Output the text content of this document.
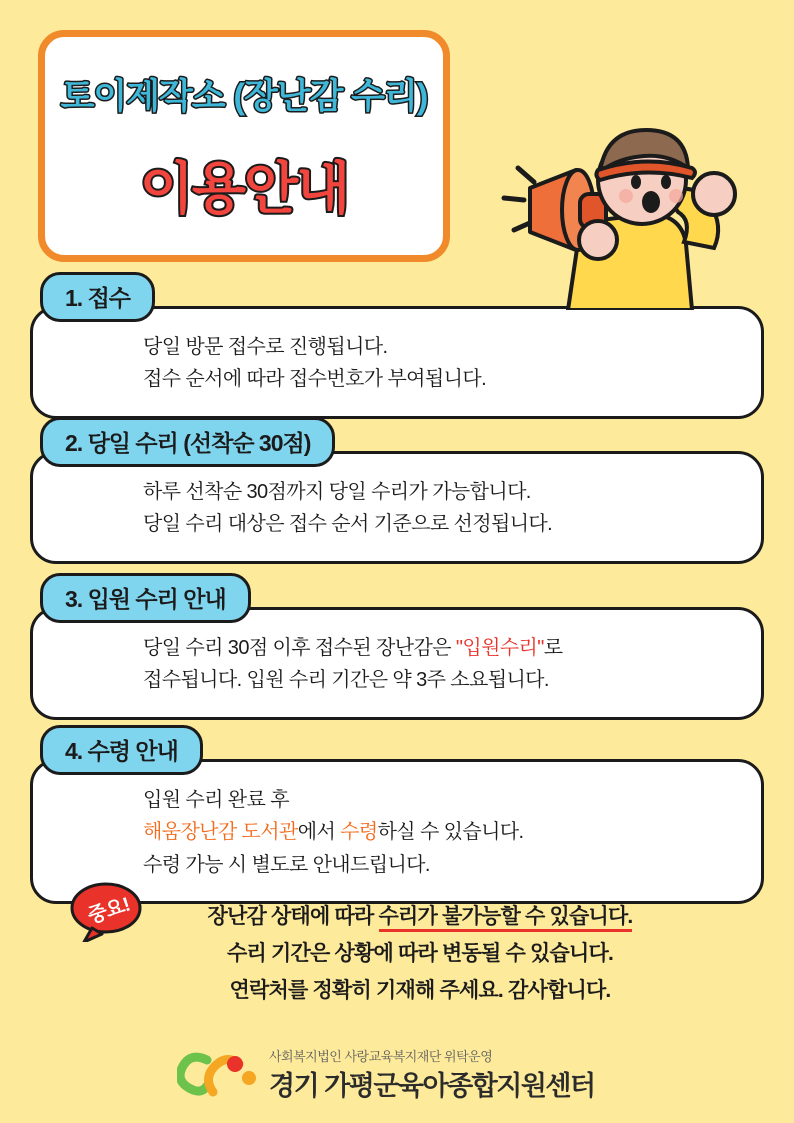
토이제작소 (장난감 수리)
이용안내
1. 접수

당일 방문 접수로 진행됩니다.

접수 순서에 따라 접수번호가 부여됩니다.

2. 당일 수리 (선착순 30점)

하루 선착순 30점까지 당일 수리가 가능합니다.

당일 수리 대상은 접수 순서 기준으로 선정됩니다.

3. 입원 수리 안내

당일 수리 30점 이후 접수된 장난감은 "입원수리"로

접수됩니다. 입원 수리 기간은 약 3주 소요됩니다.

4. 수령 안내

입원 수리 완료 후

해움장난감 도서관에서 수령하실 수 있습니다.

수령 가능 시 별도로 안내드립니다.

중요!	장난감 상태에 따라 수리가 불가능할 수 있습니다.

수리 기간은 상황에 따라 변동될 수 있습니다.

연락처를 정확히 기재해 주세요. 감사합니다.

사회복지법인 사랑교육복지재단 위탁운영
경기 가평군육아종합지원센터
